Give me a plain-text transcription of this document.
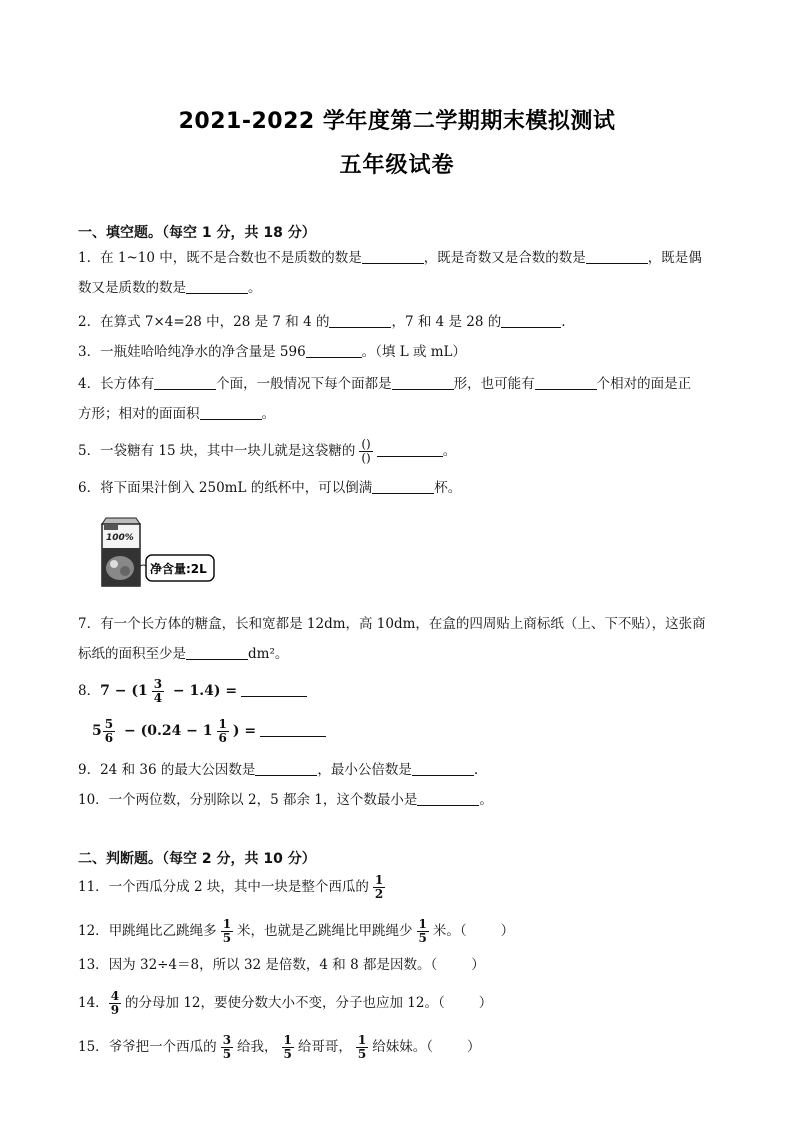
2021-2022 学年度第二学期期末模拟测试
五年级试卷
一、填空题。（每空 1 分，共 18 分）
1．在 1~10 中，既不是合数也不是质数的数是	，既是奇数又是合数的数是	，既是偶
数又是质数的数是	。
2．在算式 7×4=28 中，28 是 7 和 4 的	，7 和 4 是 28 的	.
3．一瓶娃哈哈纯净水的净含量是 596	。（填 L 或 mL）
4．长方体有	个面，一般情况下每个面都是	形，也可能有	个相对的面是正
方形；相对的面面积	。
5．一袋糖有 15 块，其中一块儿就是这袋糖的 $\frac{()}{()}$	。
6．将下面果汁倒入 250mL 的纸杯中，可以倒满	杯。
100%
净含量:2L
7．有一个长方体的糖盒，长和宽都是 12dm，高 10dm，在盒的四周贴上商标纸（上、下不贴），这张商
标纸的面积至少是	dm²。
8．$7 - (1 \frac{3}{4} - 1.4)$ =
$5 \frac{5}{6} - (0.24 - 1 \frac{1}{6}$ ) =
9．24 和 36 的最大公因数是	，最小公倍数是	.
10．一个两位数，分别除以 2，5 都余 1，这个数最小是	。
二、判断题。（每空 2 分，共 10 分）
11．一个西瓜分成 2 块，其中一块是整个西瓜的 $\frac{1}{2}$
12．甲跳绳比乙跳绳多 $\frac{1}{5}$ 米，也就是乙跳绳比甲跳绳少 $\frac{1}{5}$ 米。（	）
13．因为 32÷4＝8，所以 32 是倍数，4 和 8 都是因数。（	）
14． $\frac{4}{9}$ 的分母加 12，要使分数大小不变，分子也应加 12。（	）
15．爷爷把一个西瓜的 $\frac{3}{5}$ 给我， $\frac{1}{5}$ 给哥哥， $\frac{1}{5}$ 给妹妹。（	）
